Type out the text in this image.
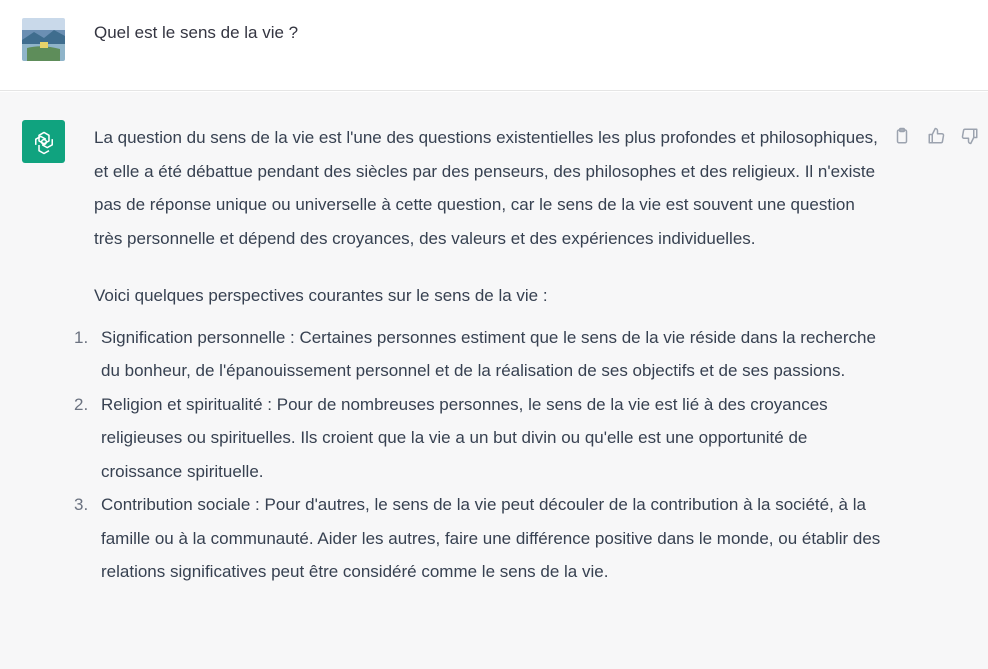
Quel est le sens de la vie ?

La question du sens de la vie est l'une des questions existentielles les plus profondes et philosophiques, et elle a été débattue pendant des siècles par des penseurs, des philosophes et des religieux. Il n'existe pas de réponse unique ou universelle à cette question, car le sens de la vie est souvent une question très personnelle et dépend des croyances, des valeurs et des expériences individuelles.

Voici quelques perspectives courantes sur le sens de la vie :

1. Signification personnelle : Certaines personnes estiment que le sens de la vie réside dans la recherche du bonheur, de l'épanouissement personnel et de la réalisation de ses objectifs et de ses passions.
2. Religion et spiritualité : Pour de nombreuses personnes, le sens de la vie est lié à des croyances religieuses ou spirituelles. Ils croient que la vie a un but divin ou qu'elle est une opportunité de croissance spirituelle.
3. Contribution sociale : Pour d'autres, le sens de la vie peut découler de la contribution à la société, à la famille ou à la communauté. Aider les autres, faire une différence positive dans le monde, ou établir des relations significatives peut être considéré comme le sens de la vie.
